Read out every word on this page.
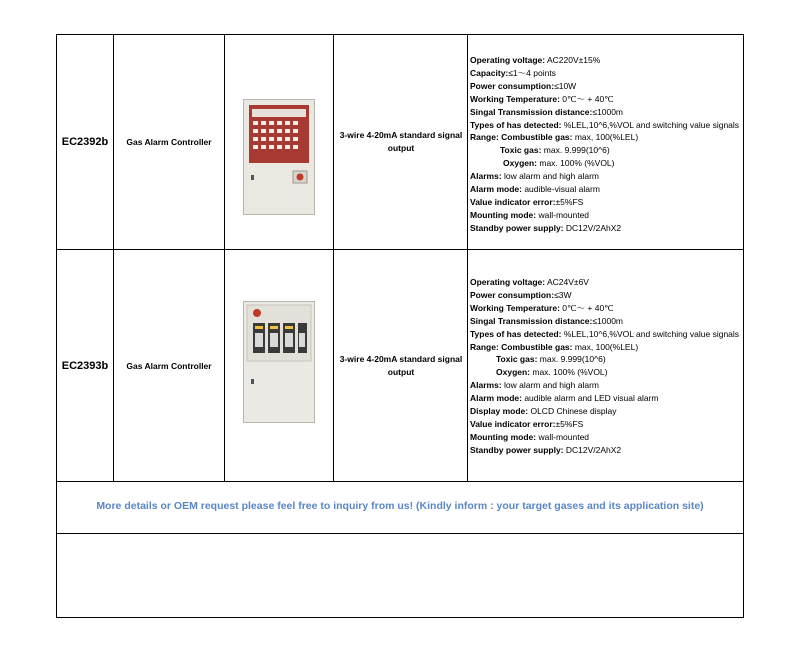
EC2392b	Gas Alarm Controller
3-wire 4-20mA standard signal output
Operating voltage: AC220V±15%
Capacity:≤1～4 points
Power consumption:≤10W
Working Temperature: 0℃～ + 40℃
Singal Transmission distance:≤1000m
Types of has detected: %LEL,10^6,%VOL and switching value signals
Range: Combustible gas: max, 100(%LEL)
Toxic gas: max. 9.999(10^6)
Oxygen: max. 100% (%VOL)
Alarms: low alarm and high alarm
Alarm mode: audible-visual alarm
Value indicator error:±5%FS
Mounting mode: wall-mounted
Standby power supply: DC12V/2AhX2
EC2393b	Gas Alarm Controller
3-wire 4-20mA standard signal output
Operating voltage: AC24V±6V
Power consumption:≤3W
Working Temperature: 0℃～ + 40℃
Singal Transmission distance:≤1000m
Types of has detected: %LEL,10^6,%VOL and switching value signals
Range: Combustible gas: max, 100(%LEL)
Toxic gas: max. 9.999(10^6)
Oxygen: max. 100% (%VOL)
Alarms: low alarm and high alarm
Alarm mode: audible alarm and LED visual alarm
Display mode: OLCD Chinese display
Value indicator error:±5%FS
Mounting mode: wall-mounted
Standby power supply: DC12V/2AhX2
More details or OEM request please feel free to inquiry from us! (Kindly inform : your target gases and its application site)
